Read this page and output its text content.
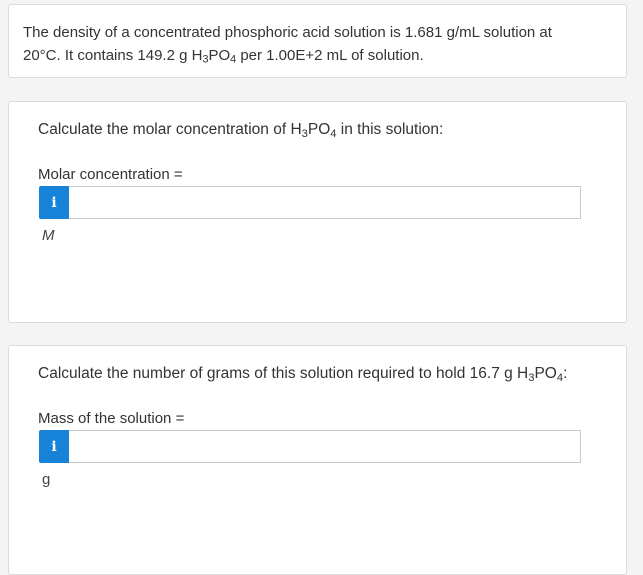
The density of a concentrated phosphoric acid solution is 1.681 g/mL solution at
20°C. It contains 149.2 g $H_3PO_4$ per 1.00E+2 mL of solution.
Calculate the molar concentration of $H_3PO_4$ in this solution:
Molar concentration =
i
M
Calculate the number of grams of this solution required to hold 16.7 g $H_3PO_4$:
Mass of the solution =
i
g
